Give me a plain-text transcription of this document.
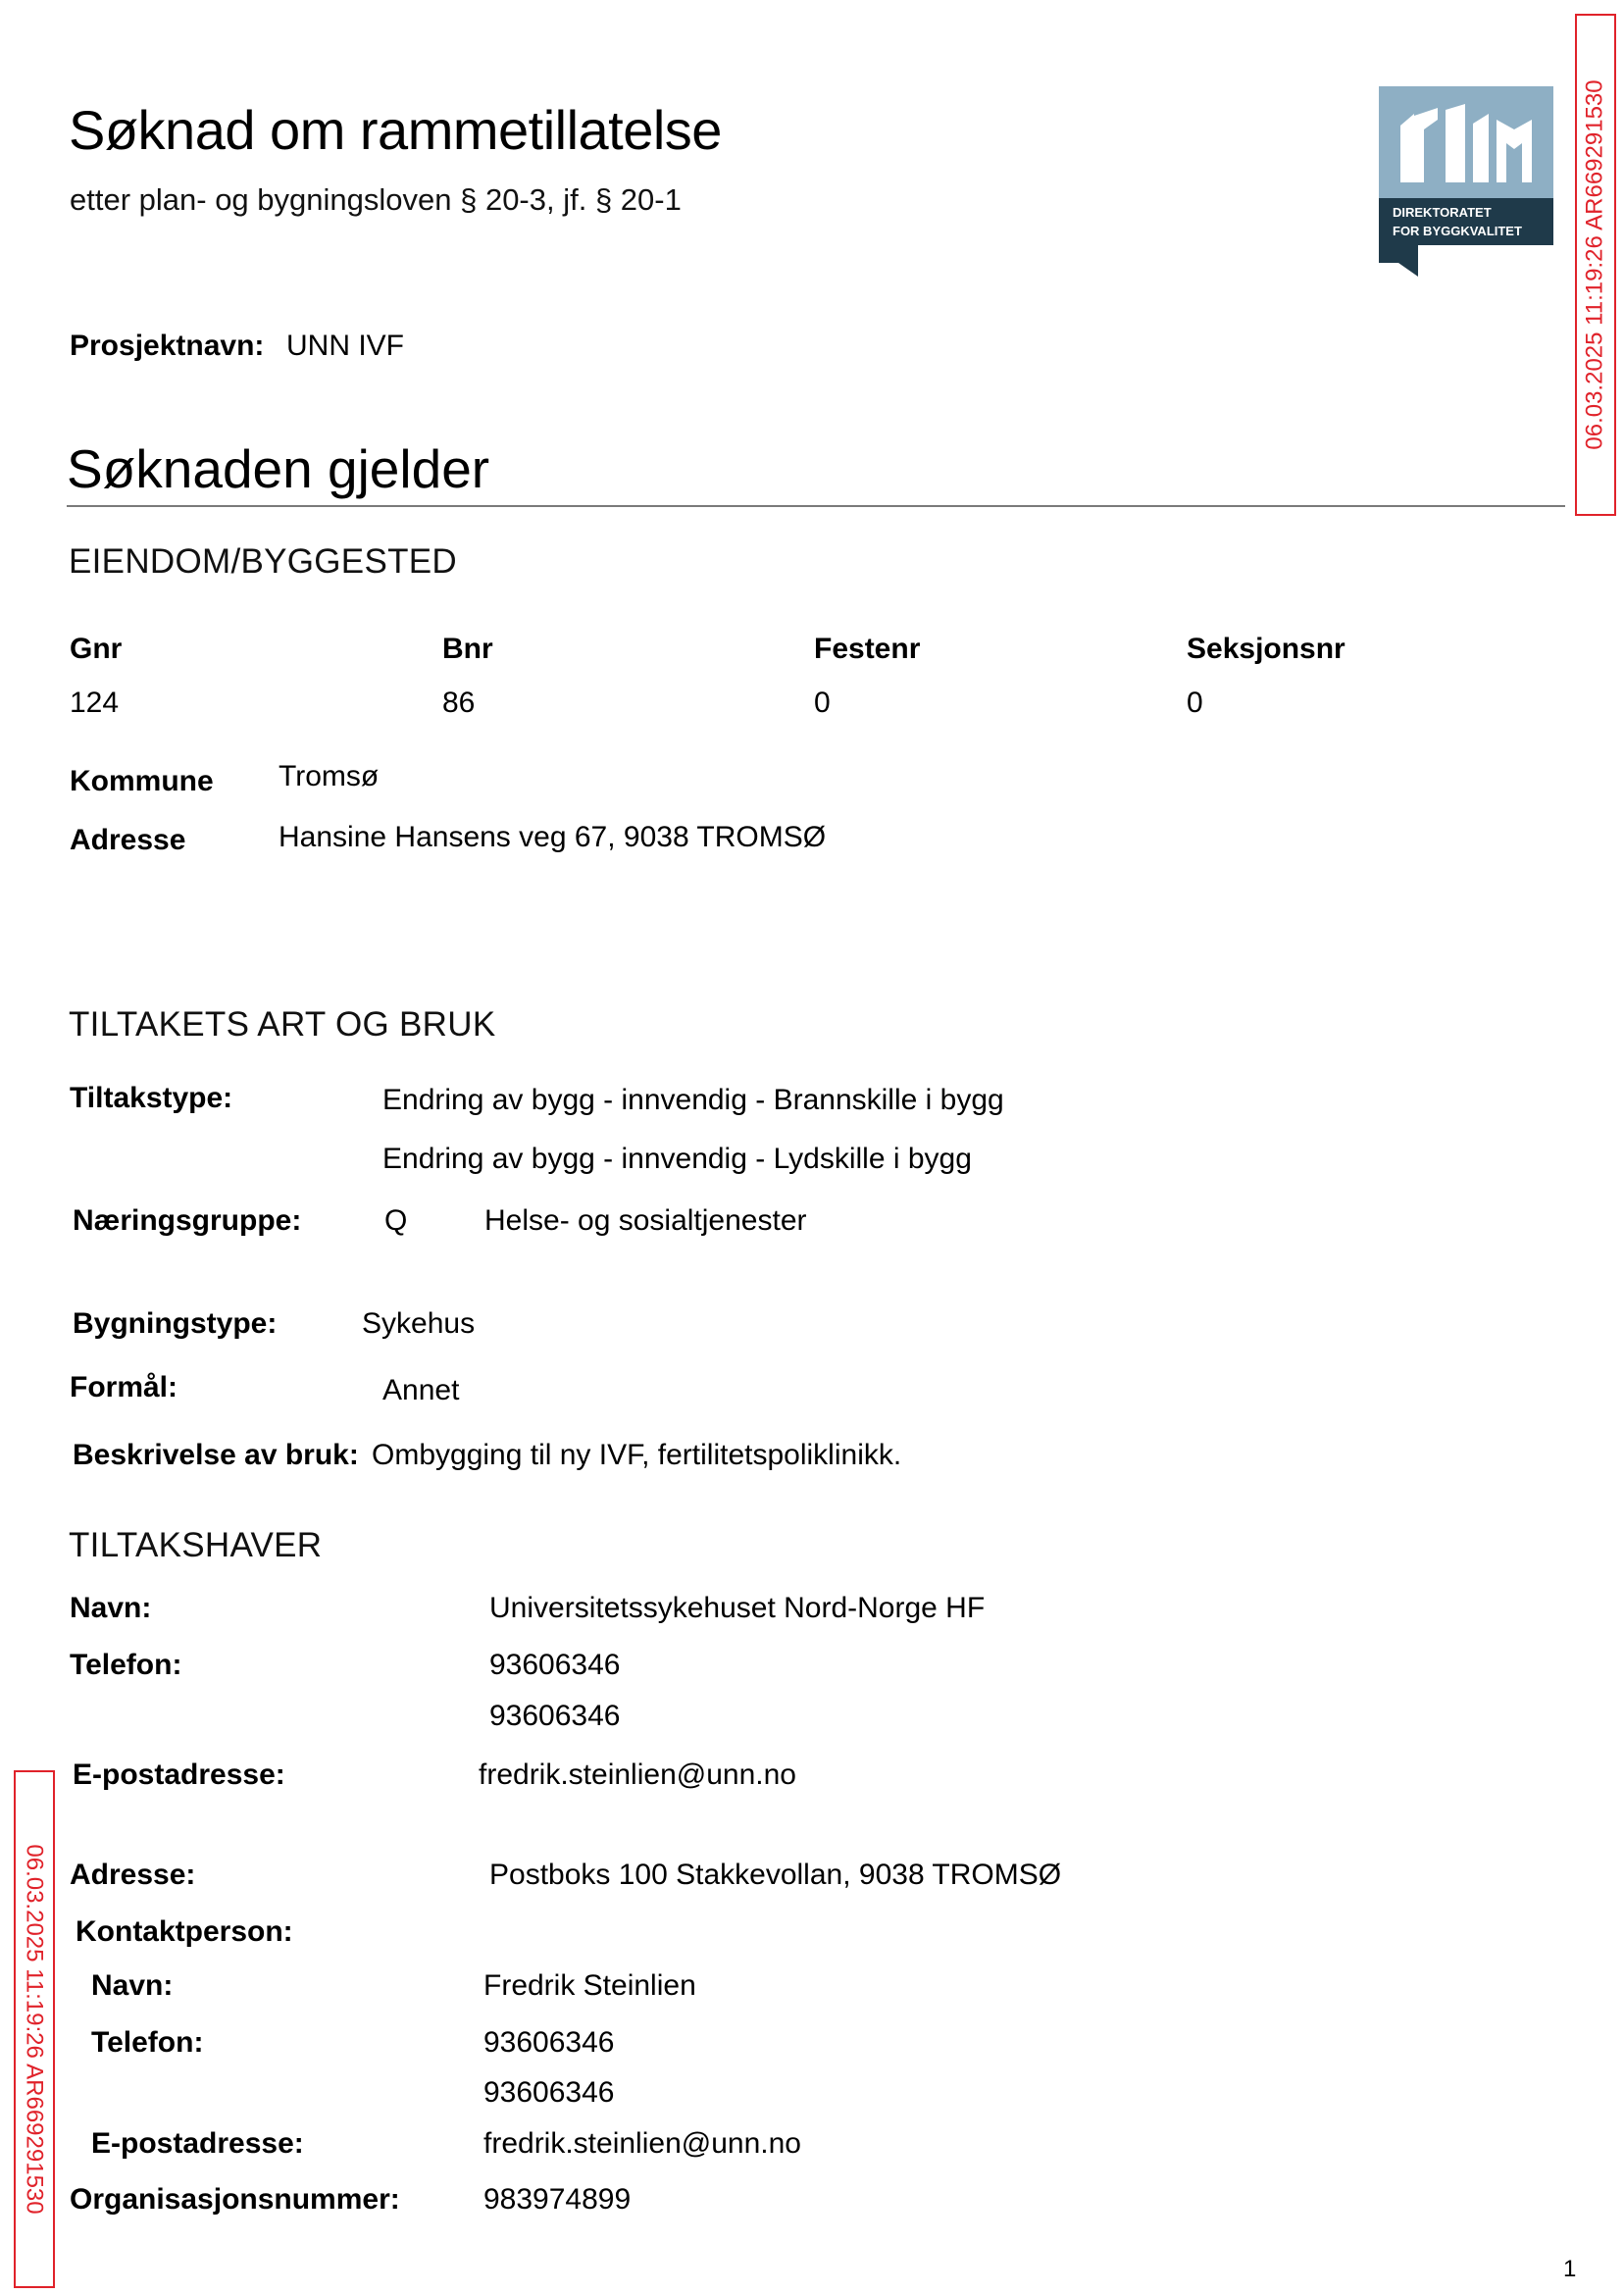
Søknad om rammetillatelse
etter plan- og bygningsloven § 20-3, jf. § 20-1	DIREKTORATET
FOR BYGGKVALITET	06.03.2025 11:19:26 AR669291530
06.03.2025 11:19:26 AR669291530
Prosjektnavn: UNN IVF
Søknaden gjelder
EIENDOM/BYGGESTED
Gnr	Bnr	Festenr	Seksjonsnr
124	86	0	0
Kommune Tromsø
Adresse	Hansine Hansens veg 67, 9038 TROMSØ
TILTAKETS ART OG BRUK
Tiltakstype:	Endring av bygg - innvendig - Brannskille i bygg
Endring av bygg - innvendig - Lydskille i bygg
Næringsgruppe:	Q	Helse- og sosialtjenester
Bygningstype:	Sykehus
Formål:	Annet
Beskrivelse av bruk: Ombygging til ny IVF, fertilitetspoliklinikk.
TILTAKSHAVER
Navn:	Universitetssykehuset Nord-Norge HF
Telefon:	93606346
93606346
E-postadresse:	fredrik.steinlien@unn.no
Adresse:	Postboks 100 Stakkevollan, 9038 TROMSØ
Kontaktperson:
Navn:	Fredrik Steinlien
Telefon:	93606346
93606346
E-postadresse:	fredrik.steinlien@unn.no
Organisasjonsnummer:	983974899
1
